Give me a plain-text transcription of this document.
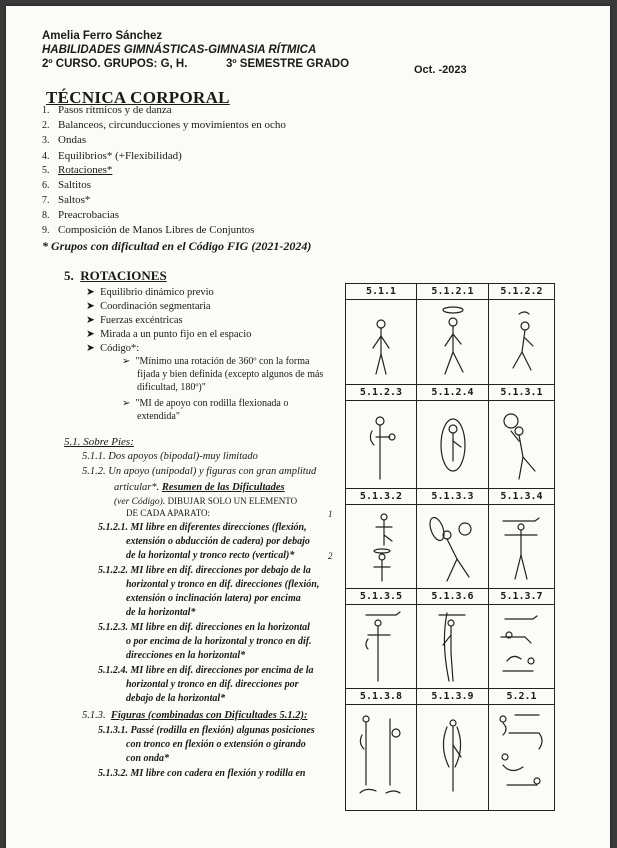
Amelia Ferro Sánchez
HABILIDADES GIMNÁSTICAS-GIMNASIA RÍTMICA
2º CURSO. GRUPOS: G, H.	3º SEMESTRE GRADO	Oct. -2023
TÉCNICA CORPORAL
1. Pasos rítmicos y de danza
2. Balanceos, circunducciones y movimientos en ocho
3. Ondas
4. Equilibrios* (+Flexibilidad)
5. Rotaciones*
6. Saltitos
7. Saltos*
8. Preacrobacias
9. Composición de Manos Libres de Conjuntos
* Grupos con dificultad en el Código FIG (2021-2024)
5. ROTACIONES
➤  Equilibrio dinámico previo
➤  Coordinación segmentaria
➤  Fuerzas excéntricas
➤  Mirada a un punto fijo en el espacio
➤  Código*:
➢  "Mínimo una rotación de 360º con la forma
fijada y bien definida (excepto algunos de más
dificultad, 180º)"
➢  "MI de apoyo con rodilla flexionada o
extendida"
5.1. Sobre Pies:
5.1.1. Dos apoyos (bipodal)-muy limitado
5.1.2. Un apoyo (unipodal) y figuras con gran amplitud
articular*. Resumen de las Dificultades
(ver Código). DIBUJAR SOLO UN ELEMENTO
DE CADA APARATO:
5.1.2.1. MI libre en diferentes direcciones (flexión,
extensión o abducción de cadera) por debajo
de la horizontal y tronco recto (vertical)*
5.1.2.2. MI libre en dif. direcciones por debajo de la
horizontal y tronco en dif. direcciones (flexión,
extensión o inclinación latera) por encima
de la horizontal*
5.1.2.3. MI libre en dif. direcciones en la horizontal
o por encima de la horizontal y tronco en dif.
direcciones en la horizontal*
5.1.2.4. MI libre en dif. direcciones por encima de la
horizontal y tronco en dif. direcciones por
debajo de la horizontal*
5.1.3. Figuras (combinadas con Dificultades 5.1.2):
5.1.3.1. Passé (rodilla en flexión) algunas posiciones
con tronco en flexión o extensión o girando
con onda*
5.1.3.2. MI libre con cadera en flexión y rodilla en
5.1.1	5.1.2.1	5.1.2.2
5.1.2.3	5.1.2.4	5.1.3.1
5.1.3.2	5.1.3.3	5.1.3.4
5.1.3.5	5.1.3.6	5.1.3.7
5.1.3.8	5.1.3.9	5.2.1
1
2
